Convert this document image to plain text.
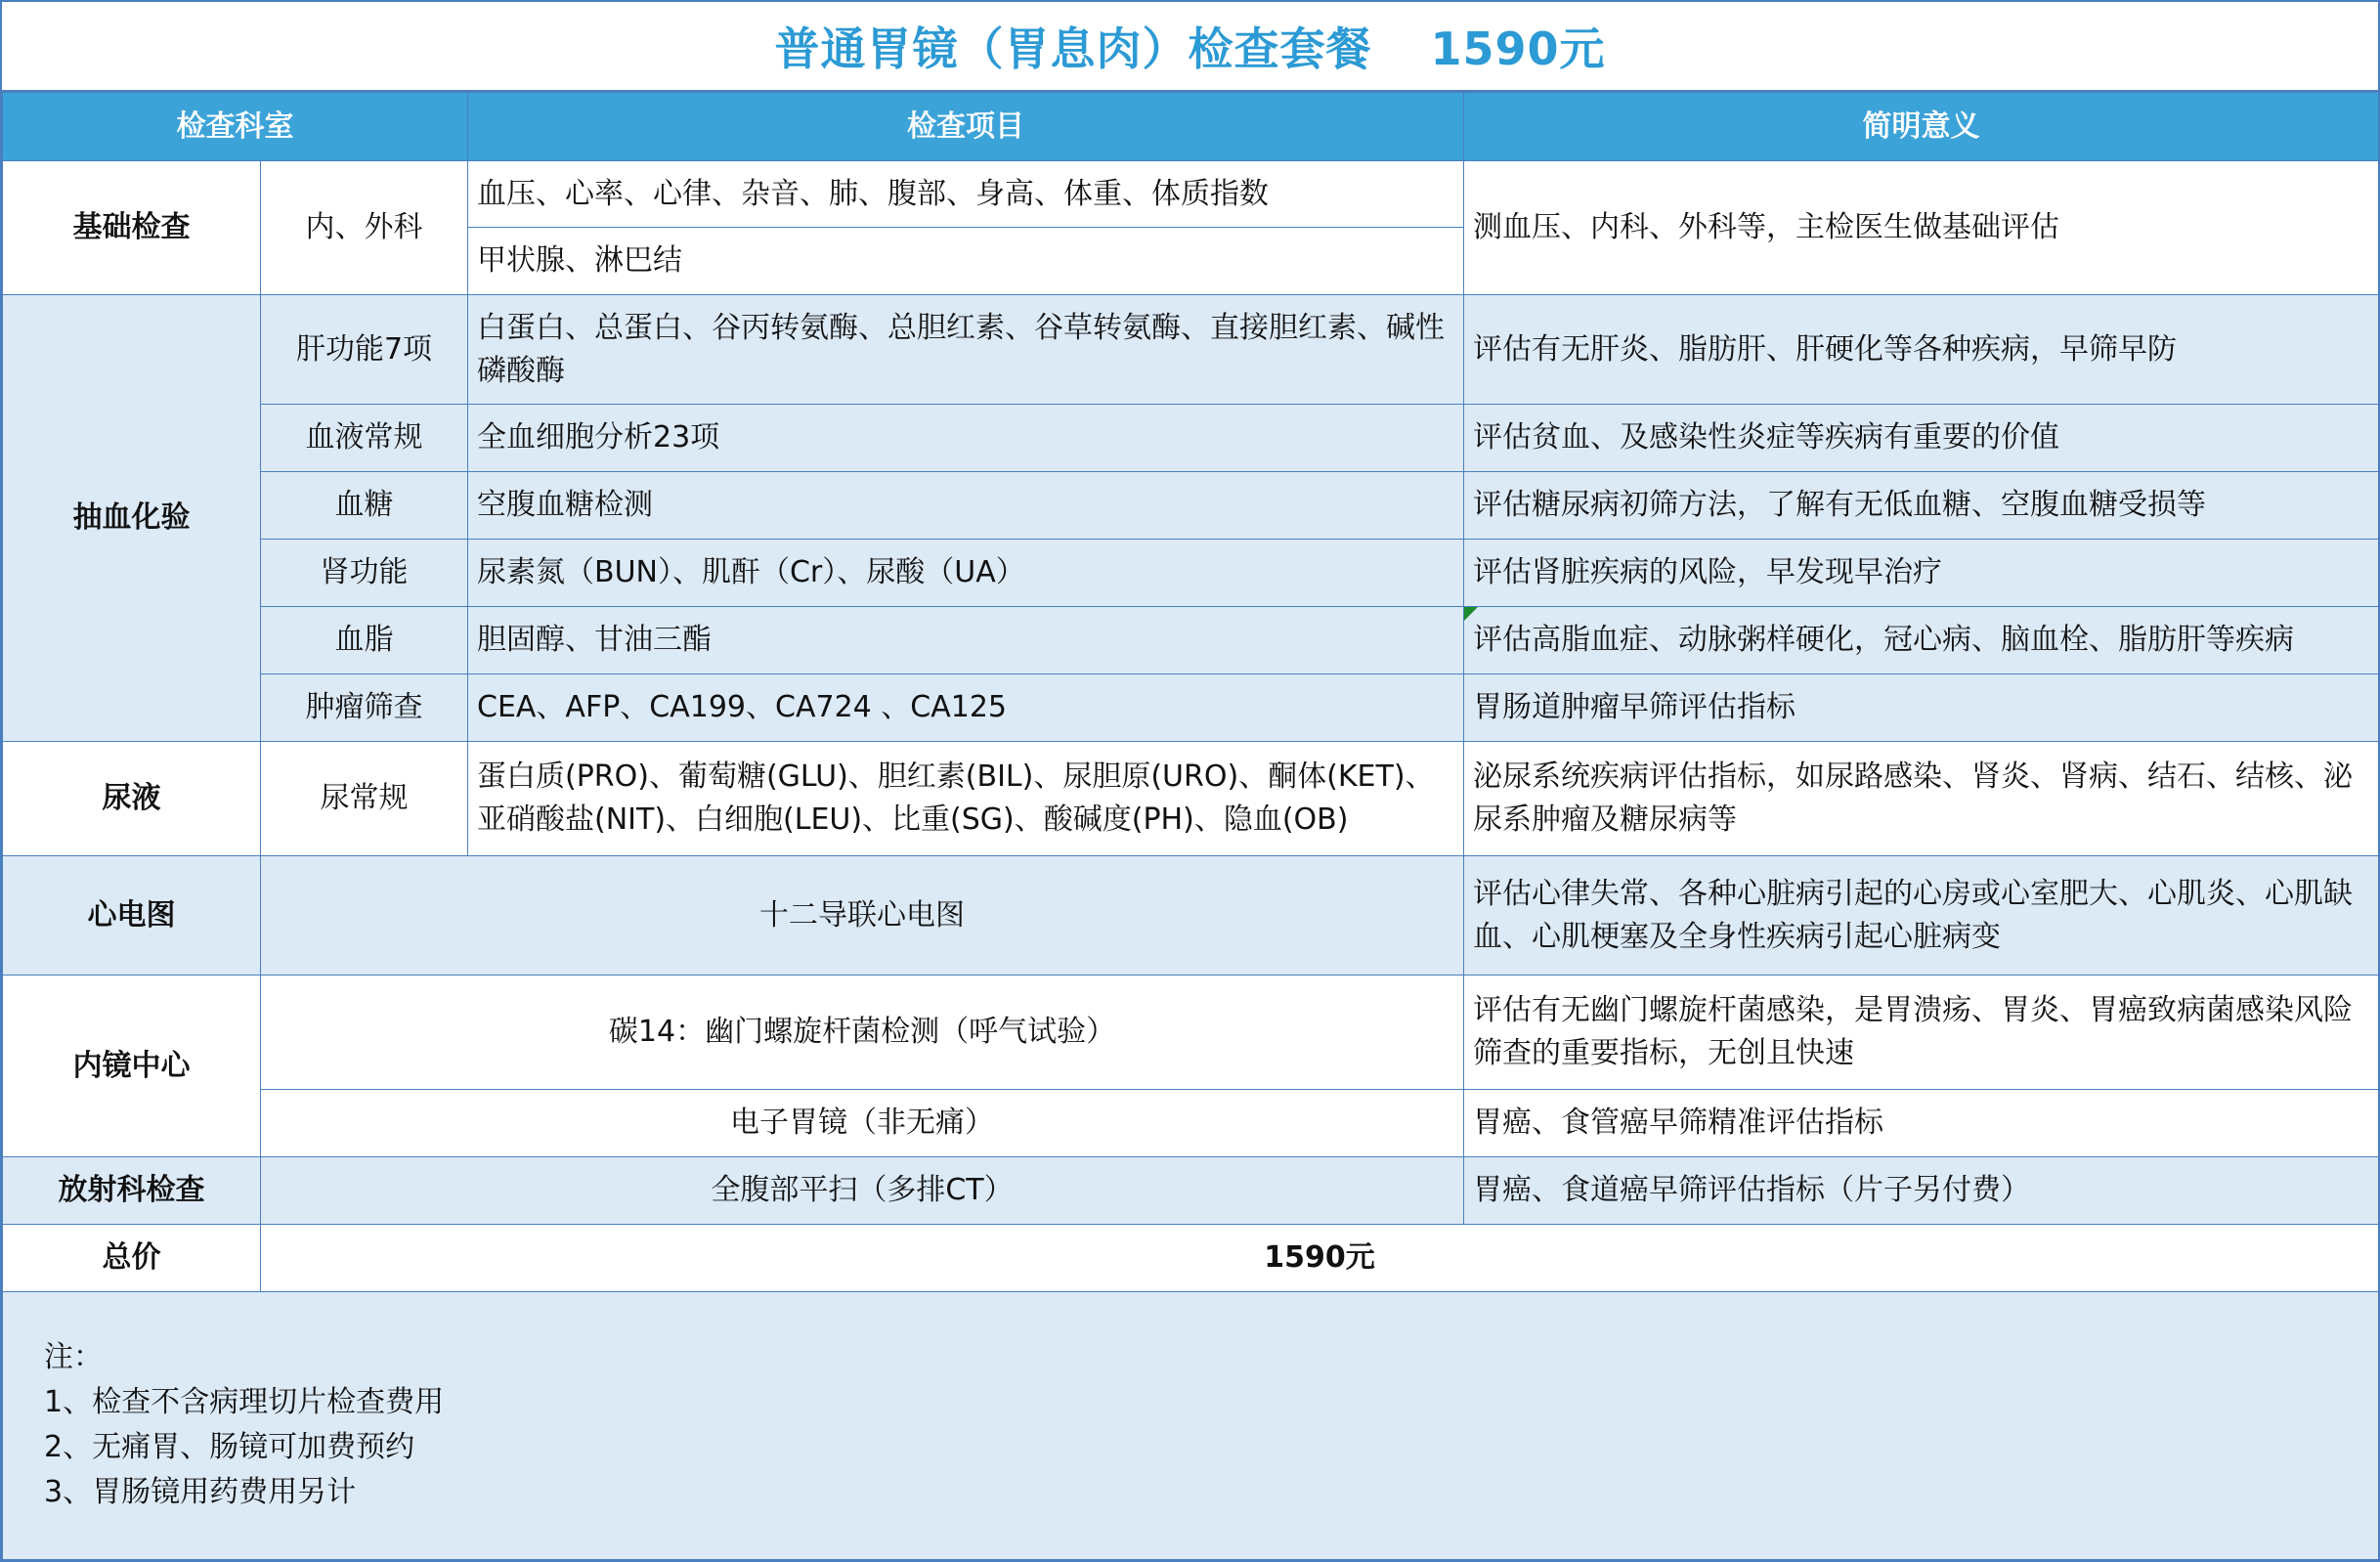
普通胃镜（胃息肉）检查套餐 1590元
检查科室		检查项目	简明意义
基础检查	内、外科	血压、心率、心律、杂音、肺、腹部、身高、体重、体质指数	测血压、内科、外科等，主检医生做基础评估
		甲状腺、淋巴结	
抽血化验	肝功能7项	白蛋白、总蛋白、谷丙转氨酶、总胆红素、谷草转氨酶、直接胆红素、碱性磷酸酶	评估有无肝炎、脂肪肝、肝硬化等各种疾病，早筛早防
	血液常规	全血细胞分析23项	评估贫血、及感染性炎症等疾病有重要的价值
	血糖	空腹血糖检测	评估糖尿病初筛方法，了解有无低血糖、空腹血糖受损等
	肾功能	尿素氮（BUN）、肌酐（Cr）、尿酸（UA）	评估肾脏疾病的风险，早发现早治疗
	血脂	胆固醇、甘油三酯	评估高脂血症、动脉粥样硬化，冠心病、脑血栓、脂肪肝等疾病
	肿瘤筛查	CEA、AFP、CA199、CA724 、CA125	胃肠道肿瘤早筛评估指标
尿液	尿常规	蛋白质(PRO)、葡萄糖(GLU)、胆红素(BIL)、尿胆原(URO)、酮体(KET)、亚硝酸盐(NIT)、白细胞(LEU)、比重(SG)、酸碱度(PH)、隐血(OB)	泌尿系统疾病评估指标，如尿路感染、肾炎、肾病、结石、结核、泌尿系肿瘤及糖尿病等
心电图	十二导联心电图		评估心律失常、各种心脏病引起的心房或心室肥大、心肌炎、心肌缺血、心肌梗塞及全身性疾病引起心脏病变
内镜中心	碳14：幽门螺旋杆菌检测（呼气试验）		评估有无幽门螺旋杆菌感染，是胃溃疡、胃炎、胃癌致病菌感染风险筛查的重要指标，无创且快速
	电子胃镜（非无痛）		胃癌、食管癌早筛精准评估指标
放射科检查	全腹部平扫（多排CT）		胃癌、食道癌早筛评估指标（片子另付费）
总价	1590元		

注：
1、检查不含病理切片检查费用
2、无痛胃、肠镜可加费预约
3、胃肠镜用药费用另计			
